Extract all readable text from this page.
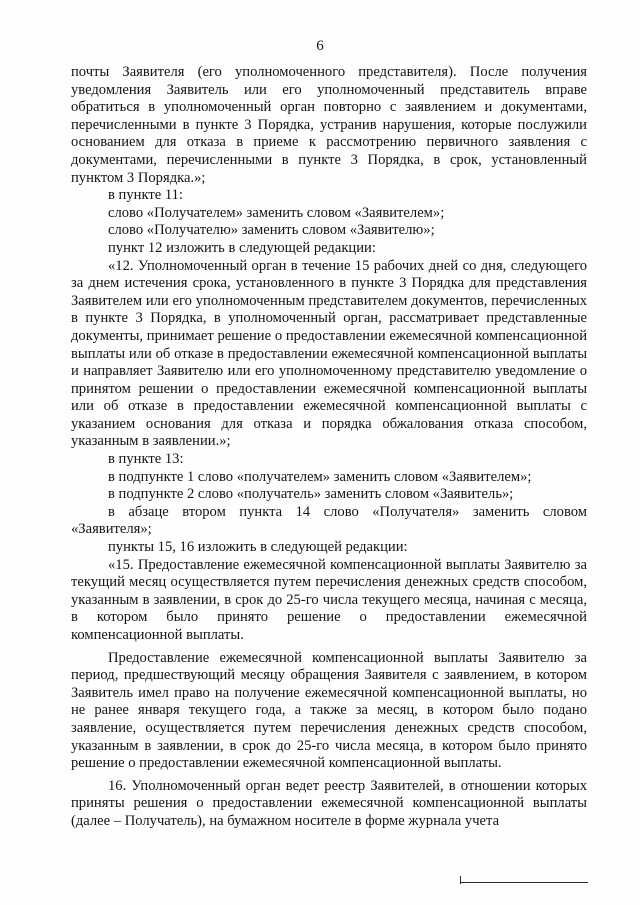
6

почты Заявителя (его уполномоченного представителя). После получения уведомления Заявитель или его уполномоченный представитель вправе обратиться в уполномоченный орган повторно с заявлением и документами, перечисленными в пункте 3 Порядка, устранив нарушения, которые послужили основанием для отказа в приеме к рассмотрению первичного заявления с документами, перечисленными в пункте 3 Порядка, в срок, установленный пунктом 3 Порядка.»;

в пункте 11:

слово «Получателем» заменить словом «Заявителем»;

слово «Получателю» заменить словом «Заявителю»;

пункт 12 изложить в следующей редакции:

«12. Уполномоченный орган в течение 15 рабочих дней со дня, следующего за днем истечения срока, установленного в пункте 3 Порядка для представления Заявителем или его уполномоченным представителем документов, перечисленных в пункте 3 Порядка, в уполномоченный орган, рассматривает представленные документы, принимает решение о предоставлении ежемесячной компенсационной выплаты или об отказе в предоставлении ежемесячной компенсационной выплаты и направляет Заявителю или его уполномоченному представителю уведомление о принятом решении о предоставлении ежемесячной компенсационной выплаты или об отказе в предоставлении ежемесячной компенсационной выплаты с указанием основания для отказа и порядка обжалования отказа способом, указанным в заявлении.»;

в пункте 13:

в подпункте 1 слово «получателем» заменить словом «Заявителем»;

в подпункте 2 слово «получатель» заменить словом «Заявитель»;

в абзаце втором пункта 14 слово «Получателя» заменить словом «Заявителя»;

пункты 15, 16 изложить в следующей редакции:

«15. Предоставление ежемесячной компенсационной выплаты Заявителю за текущий месяц осуществляется путем перечисления денежных средств способом, указанным в заявлении, в срок до 25-го числа текущего месяца, начиная с месяца, в котором было принято решение о предоставлении ежемесячной компенсационной выплаты.

Предоставление ежемесячной компенсационной выплаты Заявителю за период, предшествующий месяцу обращения Заявителя с заявлением, в котором Заявитель имел право на получение ежемесячной компенсационной выплаты, но не ранее января текущего года, а также за месяц, в котором было подано заявление, осуществляется путем перечисления денежных средств способом, указанным в заявлении, в срок до 25-го числа месяца, в котором было принято решение о предоставлении ежемесячной компенсационной выплаты.

16. Уполномоченный орган ведет реестр Заявителей, в отношении которых приняты решения о предоставлении ежемесячной компенсационной выплаты (далее – Получатель), на бумажном носителе в форме журнала учета
